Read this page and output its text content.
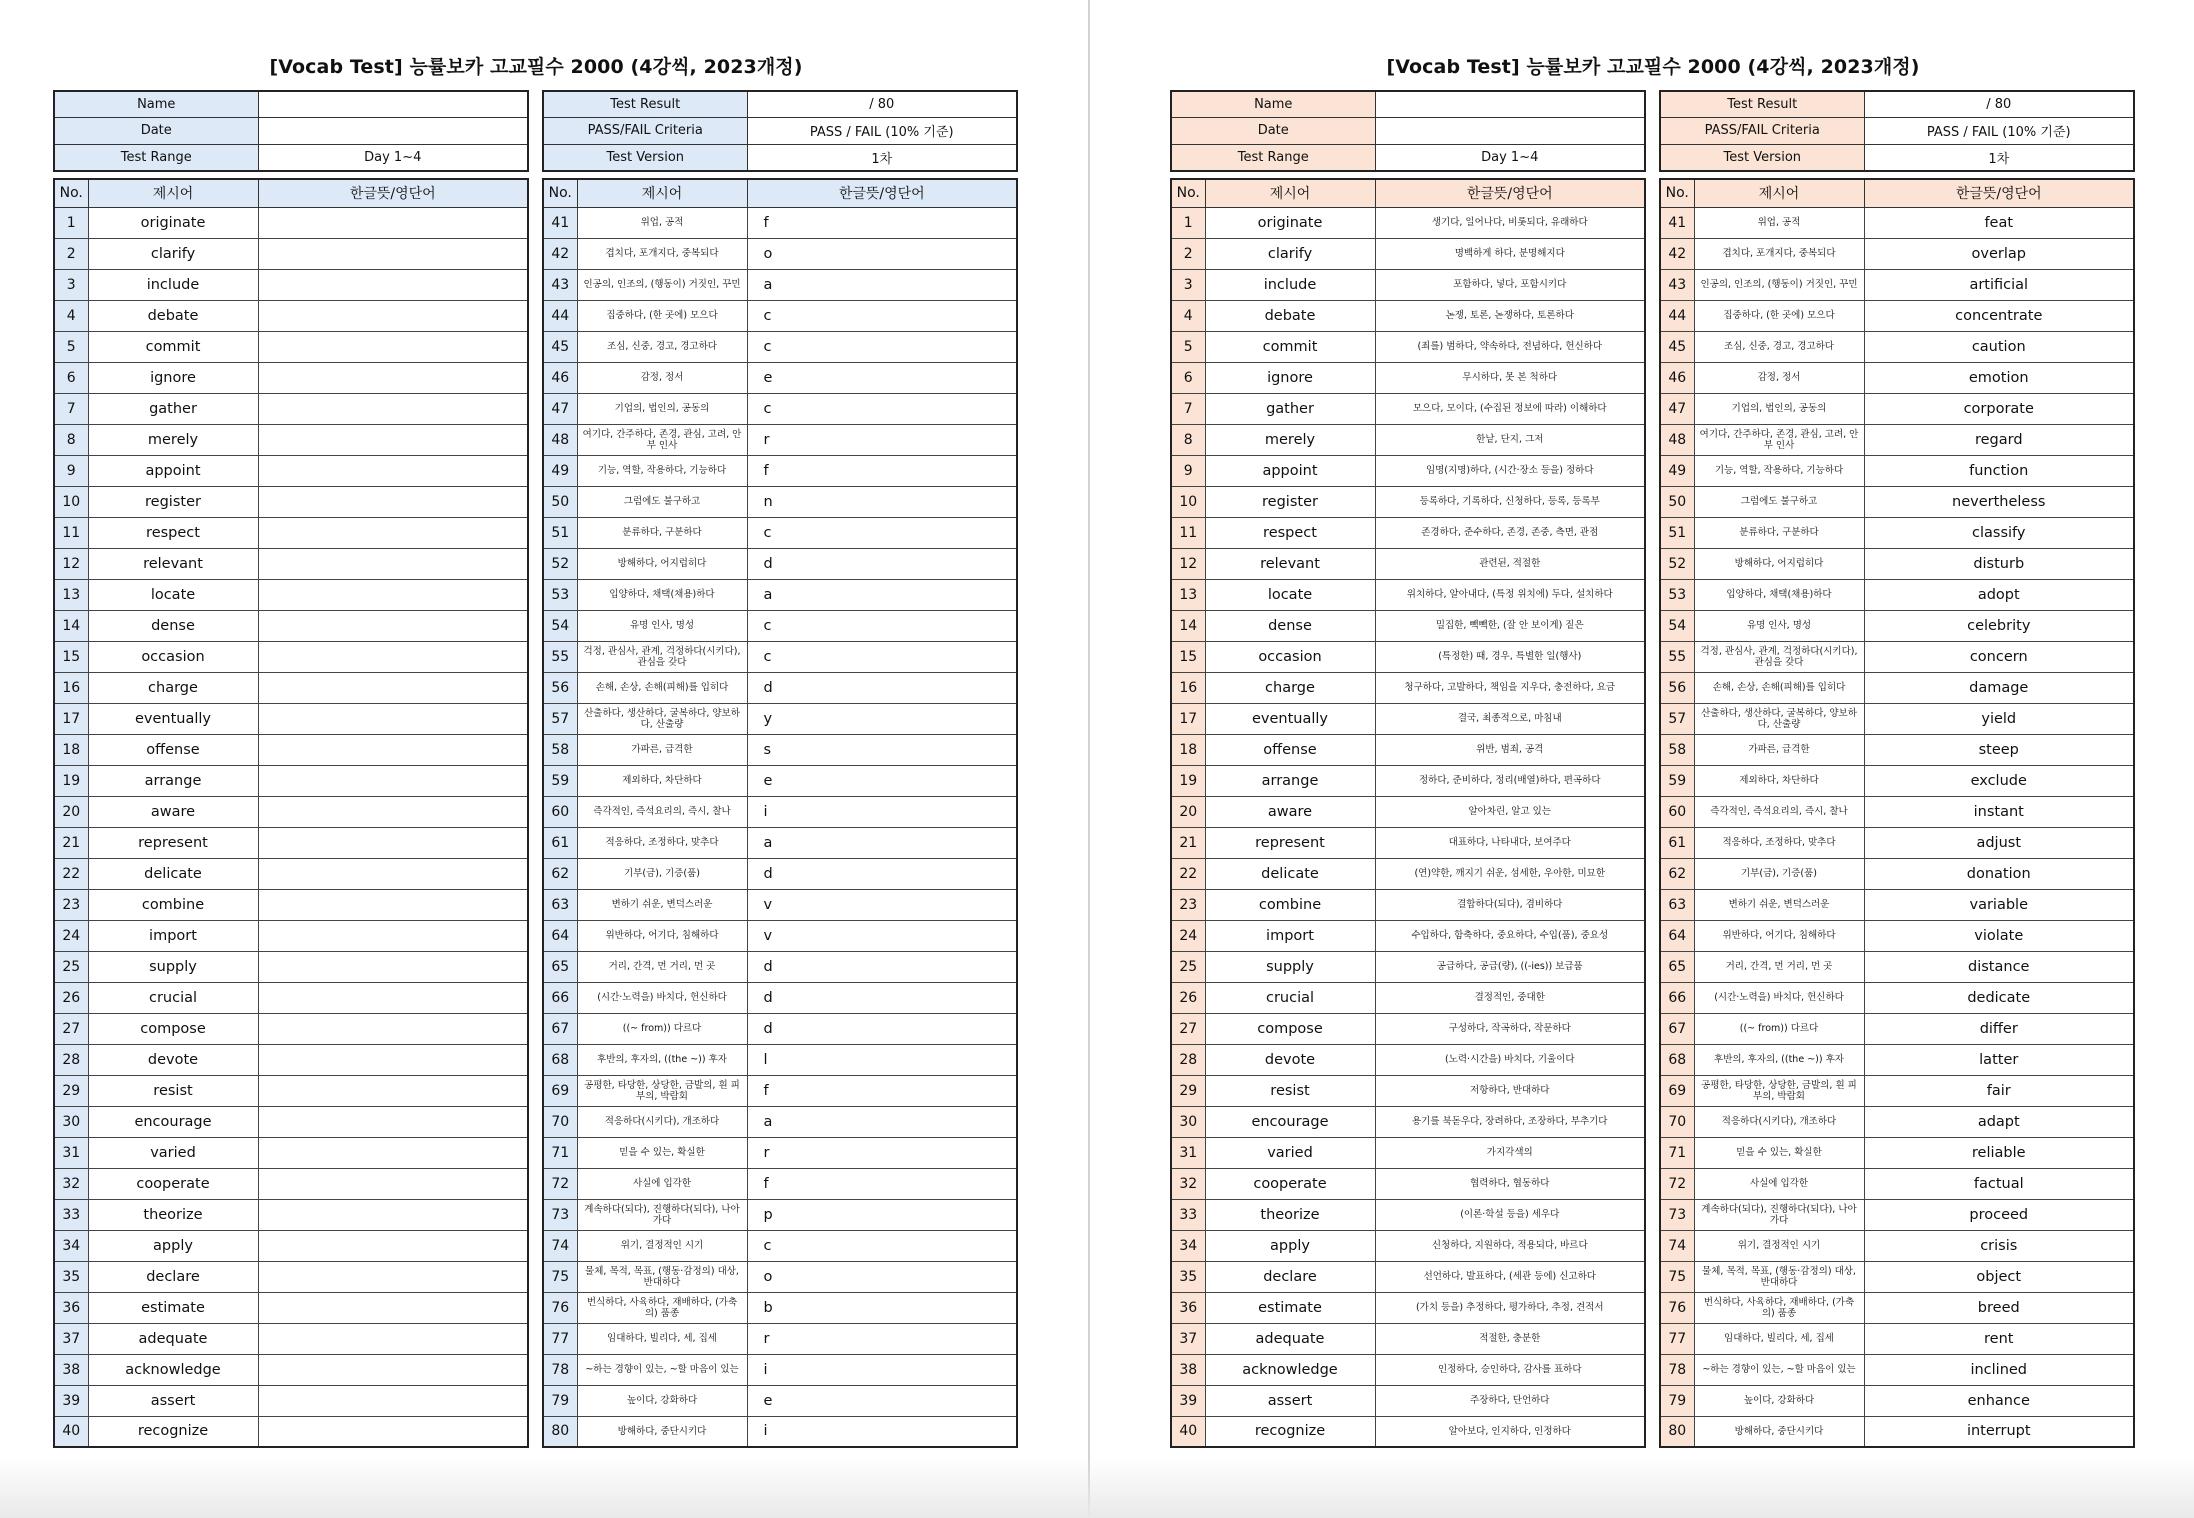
[Vocab Test] 능률보카 고교필수 2000 (4강씩, 2023개정)
Name	
Date	
Test Range	Day 1~4
Test Result	/ 80
PASS/FAIL Criteria	PASS / FAIL (10% 기준)
Test Version	1차
No.	제시어	한글뜻/영단어
1	originate	
2	clarify	
3	include	
4	debate	
5	commit	
6	ignore	
7	gather	
8	merely	
9	appoint	
10	register	
11	respect	
12	relevant	
13	locate	
14	dense	
15	occasion	
16	charge	
17	eventually	
18	offense	
19	arrange	
20	aware	
21	represent	
22	delicate	
23	combine	
24	import	
25	supply	
26	crucial	
27	compose	
28	devote	
29	resist	
30	encourage	
31	varied	
32	cooperate	
33	theorize	
34	apply	
35	declare	
36	estimate	
37	adequate	
38	acknowledge	
39	assert	
40	recognize	
No.	제시어	한글뜻/영단어
41	위업, 공적	f
42	겹치다, 포개지다, 중복되다	o
43	인공의, 인조의, (행동이) 거짓인, 꾸민	a
44	집중하다, (한 곳에) 모으다	c
45	조심, 신중, 경고, 경고하다	c
46	감정, 정서	e
47	기업의, 법인의, 공동의	c
48	여기다, 간주하다, 존경, 관심, 고려, 안부 인사	r
49	기능, 역할, 작용하다, 기능하다	f
50	그럼에도 불구하고	n
51	분류하다, 구분하다	c
52	방해하다, 어지럽히다	d
53	입양하다, 채택(채용)하다	a
54	유명 인사, 명성	c
55	걱정, 관심사, 관계, 걱정하다(시키다), 관심을 갖다	c
56	손해, 손상, 손해(피해)를 입히다	d
57	산출하다, 생산하다, 굴복하다, 양보하다, 산출량	y
58	가파른, 급격한	s
59	제외하다, 차단하다	e
60	즉각적인, 즉석요리의, 즉시, 찰나	i
61	적응하다, 조정하다, 맞추다	a
62	기부(금), 기증(품)	d
63	변하기 쉬운, 변덕스러운	v
64	위반하다, 어기다, 침해하다	v
65	거리, 간격, 먼 거리, 먼 곳	d
66	(시간·노력을) 바치다, 헌신하다	d
67	((~ from)) 다르다	d
68	후반의, 후자의, ((the ~)) 후자	l
69	공평한, 타당한, 상당한, 금발의, 흰 피부의, 박람회	f
70	적응하다(시키다), 개조하다	a
71	믿을 수 있는, 확실한	r
72	사실에 입각한	f
73	계속하다(되다), 진행하다(되다), 나아가다	p
74	위기, 결정적인 시기	c
75	물체, 목적, 목표, (행동·감정의) 대상, 반대하다	o
76	번식하다, 사육하다, 재배하다, (가축의) 품종	b
77	임대하다, 빌리다, 세, 집세	r
78	~하는 경향이 있는, ~할 마음이 있는	i
79	높이다, 강화하다	e
80	방해하다, 중단시키다	i
[Vocab Test] 능률보카 고교필수 2000 (4강씩, 2023개정)
Name	
Date	
Test Range	Day 1~4
Test Result	/ 80
PASS/FAIL Criteria	PASS / FAIL (10% 기준)
Test Version	1차
No.	제시어	한글뜻/영단어
1	originate	생기다, 일어나다, 비롯되다, 유래하다
2	clarify	명백하게 하다, 분명해지다
3	include	포함하다, 넣다, 포함시키다
4	debate	논쟁, 토론, 논쟁하다, 토론하다
5	commit	(죄를) 범하다, 약속하다, 전념하다, 헌신하다
6	ignore	무시하다, 못 본 척하다
7	gather	모으다, 모이다, (수집된 정보에 따라) 이해하다
8	merely	한낱, 단지, 그저
9	appoint	임명(지명)하다, (시간·장소 등을) 정하다
10	register	등록하다, 기록하다, 신청하다, 등록, 등록부
11	respect	존경하다, 준수하다, 존경, 존중, 측면, 관점
12	relevant	관련된, 적절한
13	locate	위치하다, 알아내다, (특정 위치에) 두다, 설치하다
14	dense	밀집한, 빽빽한, (잘 안 보이게) 짙은
15	occasion	(특정한) 때, 경우, 특별한 일(행사)
16	charge	청구하다, 고발하다, 책임을 지우다, 충전하다, 요금
17	eventually	결국, 최종적으로, 마침내
18	offense	위반, 범죄, 공격
19	arrange	정하다, 준비하다, 정리(배열)하다, 편곡하다
20	aware	알아차린, 알고 있는
21	represent	대표하다, 나타내다, 보여주다
22	delicate	(연)약한, 깨지기 쉬운, 섬세한, 우아한, 미묘한
23	combine	결합하다(되다), 겸비하다
24	import	수입하다, 함축하다, 중요하다, 수입(품), 중요성
25	supply	공급하다, 공급(량), ((-ies)) 보급품
26	crucial	결정적인, 중대한
27	compose	구성하다, 작곡하다, 작문하다
28	devote	(노력·시간을) 바치다, 기울이다
29	resist	저항하다, 반대하다
30	encourage	용기를 북돋우다, 장려하다, 조장하다, 부추기다
31	varied	가지각색의
32	cooperate	협력하다, 협동하다
33	theorize	(이론·학설 등을) 세우다
34	apply	신청하다, 지원하다, 적용되다, 바르다
35	declare	선언하다, 발표하다, (세관 등에) 신고하다
36	estimate	(가치 등을) 추정하다, 평가하다, 추정, 견적서
37	adequate	적절한, 충분한
38	acknowledge	인정하다, 승인하다, 감사를 표하다
39	assert	주장하다, 단언하다
40	recognize	알아보다, 인지하다, 인정하다
No.	제시어	한글뜻/영단어
41	위업, 공적	feat
42	겹치다, 포개지다, 중복되다	overlap
43	인공의, 인조의, (행동이) 거짓인, 꾸민	artificial
44	집중하다, (한 곳에) 모으다	concentrate
45	조심, 신중, 경고, 경고하다	caution
46	감정, 정서	emotion
47	기업의, 법인의, 공동의	corporate
48	여기다, 간주하다, 존경, 관심, 고려, 안부 인사	regard
49	기능, 역할, 작용하다, 기능하다	function
50	그럼에도 불구하고	nevertheless
51	분류하다, 구분하다	classify
52	방해하다, 어지럽히다	disturb
53	입양하다, 채택(채용)하다	adopt
54	유명 인사, 명성	celebrity
55	걱정, 관심사, 관계, 걱정하다(시키다), 관심을 갖다	concern
56	손해, 손상, 손해(피해)를 입히다	damage
57	산출하다, 생산하다, 굴복하다, 양보하다, 산출량	yield
58	가파른, 급격한	steep
59	제외하다, 차단하다	exclude
60	즉각적인, 즉석요리의, 즉시, 찰나	instant
61	적응하다, 조정하다, 맞추다	adjust
62	기부(금), 기증(품)	donation
63	변하기 쉬운, 변덕스러운	variable
64	위반하다, 어기다, 침해하다	violate
65	거리, 간격, 먼 거리, 먼 곳	distance
66	(시간·노력을) 바치다, 헌신하다	dedicate
67	((~ from)) 다르다	differ
68	후반의, 후자의, ((the ~)) 후자	latter
69	공평한, 타당한, 상당한, 금발의, 흰 피부의, 박람회	fair
70	적응하다(시키다), 개조하다	adapt
71	믿을 수 있는, 확실한	reliable
72	사실에 입각한	factual
73	계속하다(되다), 진행하다(되다), 나아가다	proceed
74	위기, 결정적인 시기	crisis
75	물체, 목적, 목표, (행동·감정의) 대상, 반대하다	object
76	번식하다, 사육하다, 재배하다, (가축의) 품종	breed
77	임대하다, 빌리다, 세, 집세	rent
78	~하는 경향이 있는, ~할 마음이 있는	inclined
79	높이다, 강화하다	enhance
80	방해하다, 중단시키다	interrupt
